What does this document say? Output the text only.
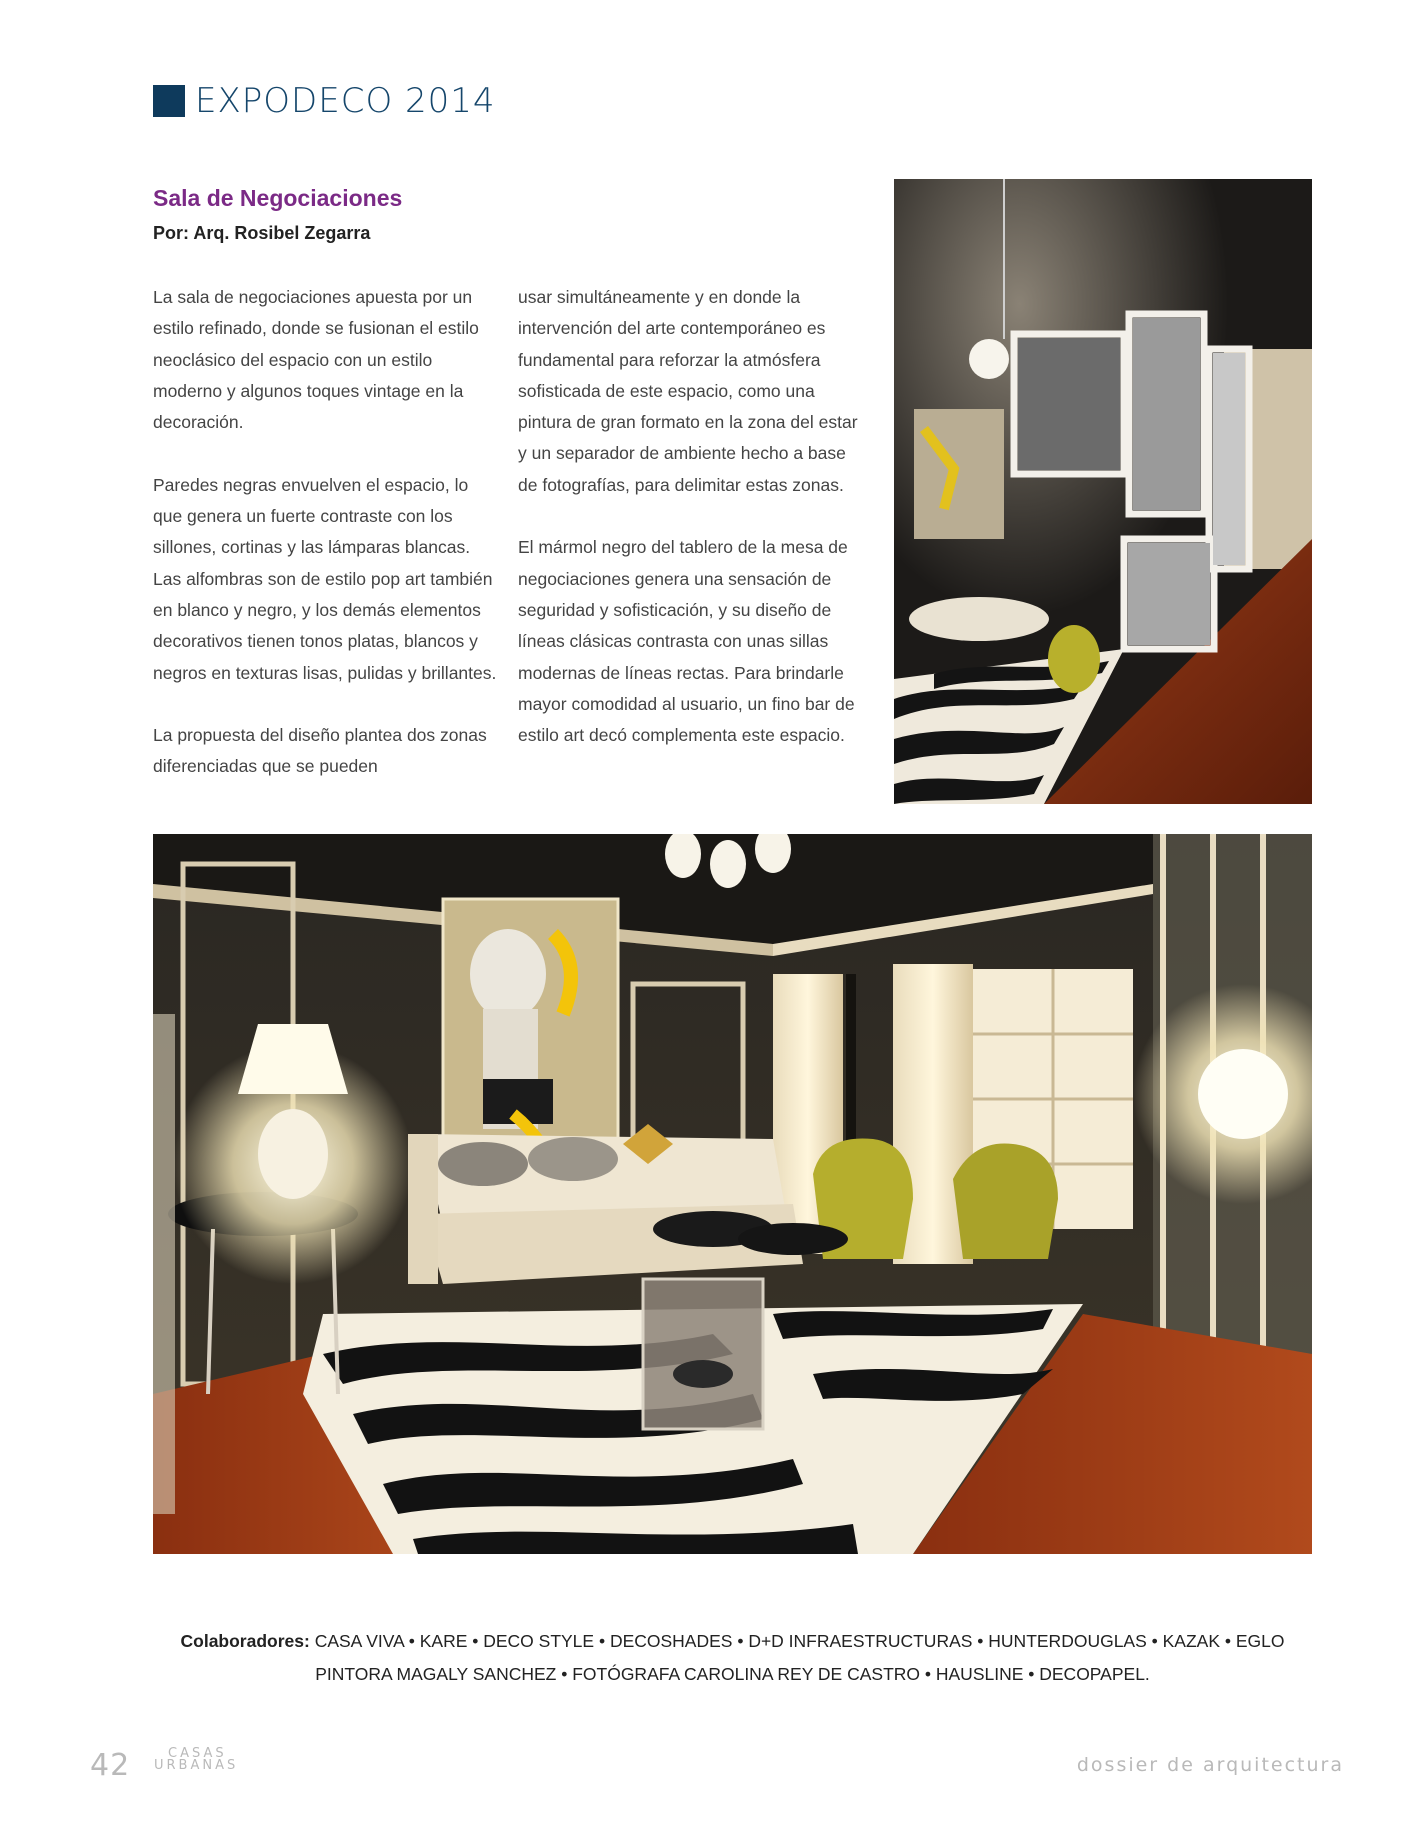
EXPODECO 2014
Sala de Negociaciones
Por: Arq. Rosibel Zegarra

La sala de negociaciones apuesta por un estilo refinado, donde se fusionan el estilo neoclásico del espacio con un estilo moderno y algunos toques vintage en la decoración.

Paredes negras envuelven el espacio, lo que genera un fuerte contraste con los sillones, cortinas y las lámparas blancas. Las alfombras son de estilo pop art también en blanco y negro, y los demás elementos decorativos tienen tonos platas, blancos y negros en texturas lisas, pulidas y brillantes.

La propuesta del diseño plantea dos zonas diferenciadas que se pueden

usar simultáneamente y en donde la intervención del arte contemporáneo es fundamental para reforzar la atmósfera sofisticada de este espacio, como una pintura de gran formato en la zona del estar y un separador de ambiente hecho a base de fotografías, para delimitar estas zonas.

El mármol negro del tablero de la mesa de negociaciones genera una sensación de seguridad y sofisticación, y su diseño de líneas clásicas contrasta con unas sillas modernas de líneas rectas. Para brindarle mayor comodidad al usuario, un fino bar de estilo art decó complementa este espacio.

Colaboradores: CASA VIVA • KARE • DECO STYLE • DECOSHADES • D+D INFRAESTRUCTURAS • HUNTERDOUGLAS • KAZAK • EGLO
PINTORA MAGALY SANCHEZ • FOTÓGRAFA CAROLINA REY DE CASTRO • HAUSLINE • DECOPAPEL.
42	CASAS
URBANAS	dossier de arquitectura
